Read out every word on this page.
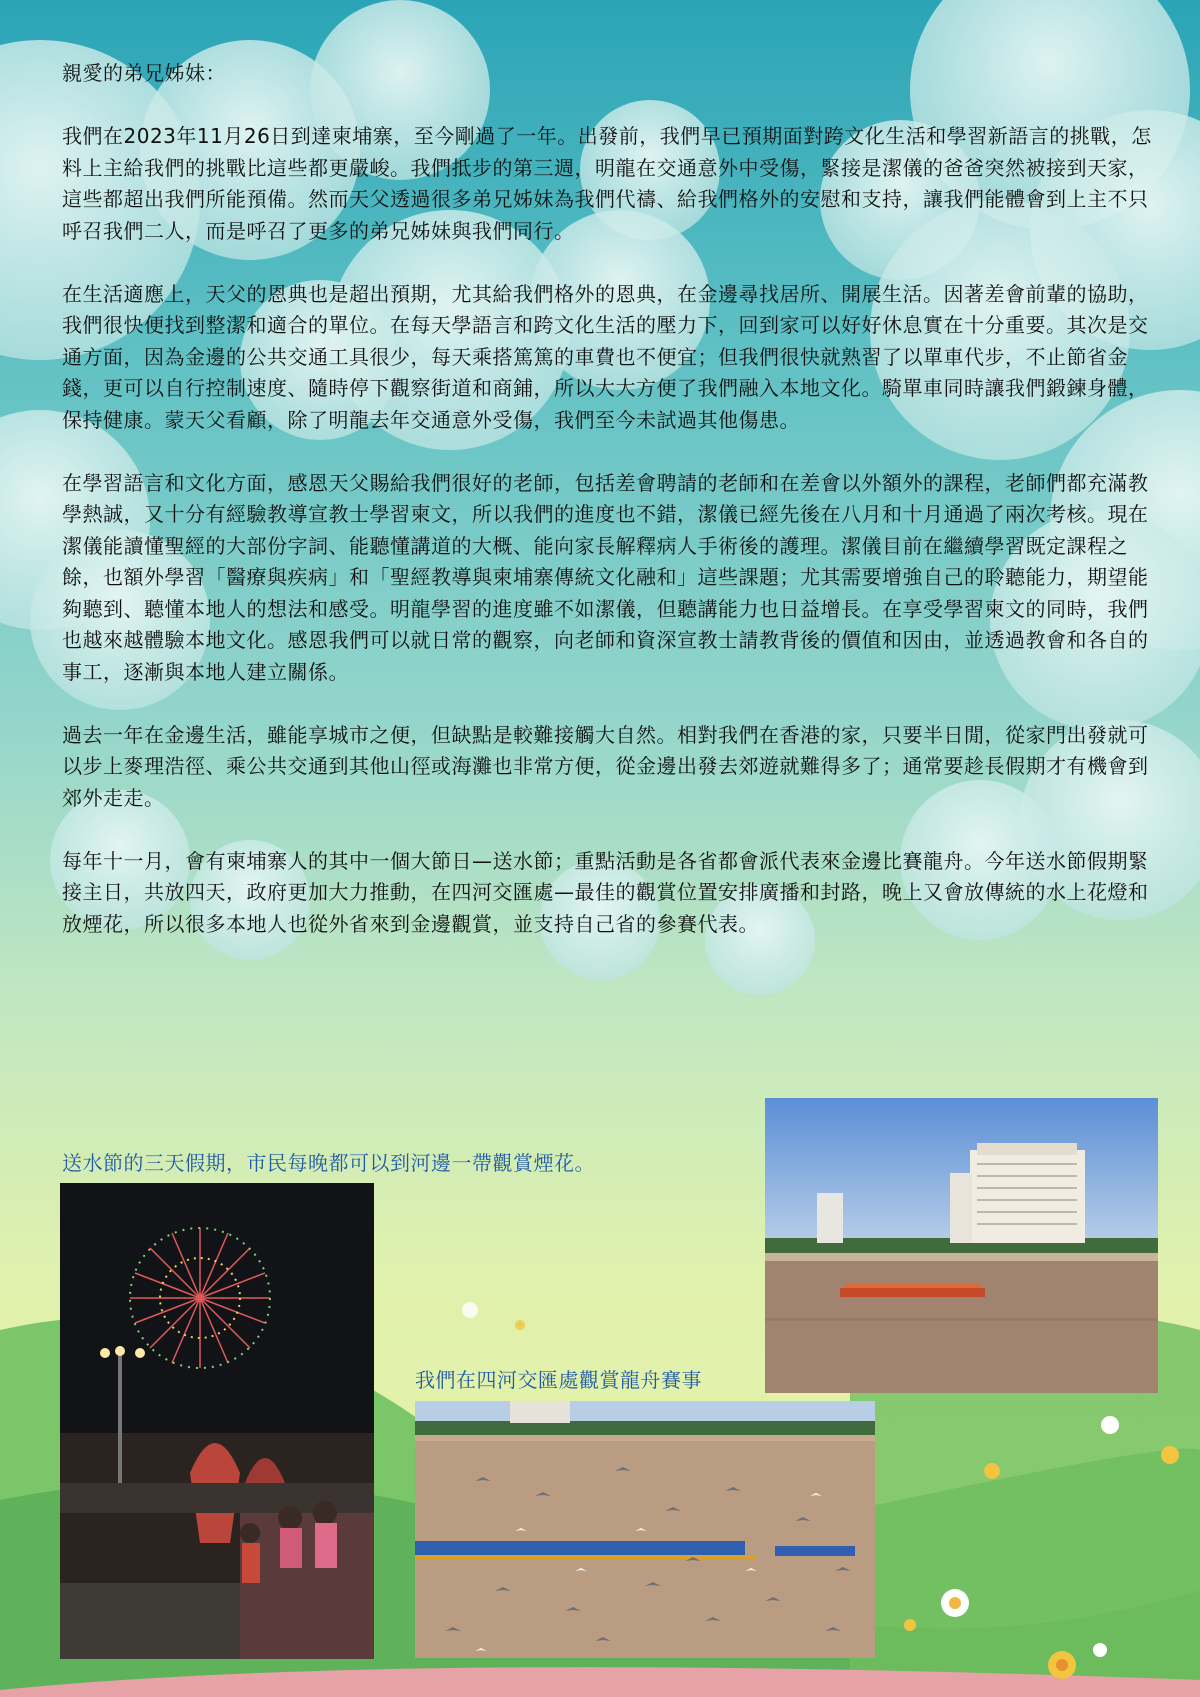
親愛的弟兄姊妹：

我們在2023年11月26日到達柬埔寨，至今剛過了一年。出發前，我們早已預期面對跨文化生活和學習新語言的挑戰，怎料上主給我們的挑戰比這些都更嚴峻。我們抵步的第三週，明龍在交通意外中受傷，緊接是潔儀的爸爸突然被接到天家，這些都超出我們所能預備。然而天父透過很多弟兄姊妹為我們代禱、給我們格外的安慰和支持，讓我們能體會到上主不只呼召我們二人，而是呼召了更多的弟兄姊妹與我們同行。

在生活適應上，天父的恩典也是超出預期，尤其給我們格外的恩典，在金邊尋找居所、開展生活。因著差會前輩的協助，我們很快便找到整潔和適合的單位。在每天學語言和跨文化生活的壓力下，回到家可以好好休息實在十分重要。其次是交通方面，因為金邊的公共交通工具很少，每天乘搭篤篤的車費也不便宜；但我們很快就熟習了以單車代步，不止節省金錢，更可以自行控制速度、隨時停下觀察街道和商鋪，所以大大方便了我們融入本地文化。騎單車同時讓我們鍛鍊身體，保持健康。蒙天父看顧，除了明龍去年交通意外受傷，我們至今未試過其他傷患。

在學習語言和文化方面，感恩天父賜給我們很好的老師，包括差會聘請的老師和在差會以外額外的課程，老師們都充滿教學熱誠，又十分有經驗教導宣教士學習柬文，所以我們的進度也不錯，潔儀已經先後在八月和十月通過了兩次考核。現在潔儀能讀懂聖經的大部份字詞、能聽懂講道的大概、能向家長解釋病人手術後的護理。潔儀目前在繼續學習既定課程之餘，也額外學習「醫療與疾病」和「聖經教導與柬埔寨傳統文化融和」這些課題；尤其需要增強自己的聆聽能力，期望能夠聽到、聽懂本地人的想法和感受。明龍學習的進度雖不如潔儀，但聽講能力也日益增長。在享受學習柬文的同時，我們也越來越體驗本地文化。感恩我們可以就日常的觀察，向老師和資深宣教士請教背後的價值和因由，並透過教會和各自的事工，逐漸與本地人建立關係。

過去一年在金邊生活，雖能享城市之便，但缺點是較難接觸大自然。相對我們在香港的家，只要半日閒，從家門出發就可以步上麥理浩徑、乘公共交通到其他山徑或海灘也非常方便，從金邊出發去郊遊就難得多了；通常要趁長假期才有機會到郊外走走。

每年十一月，會有柬埔寨人的其中一個大節日—送水節；重點活動是各省都會派代表來金邊比賽龍舟。今年送水節假期緊接主日，共放四天，政府更加大力推動，在四河交匯處—最佳的觀賞位置安排廣播和封路，晚上又會放傳統的水上花燈和放煙花，所以很多本地人也從外省來到金邊觀賞，並支持自己省的參賽代表。

送水節的三天假期，市民每晚都可以到河邊一帶觀賞煙花。
我們在四河交匯處觀賞龍舟賽事
